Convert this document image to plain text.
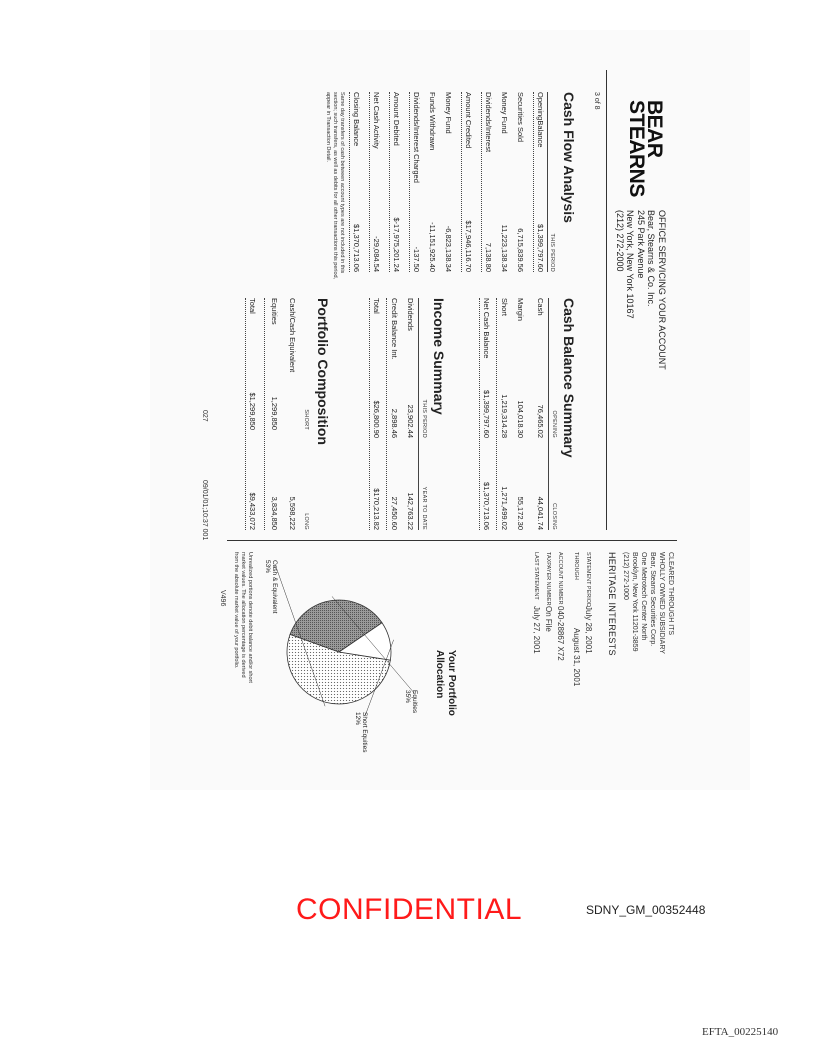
BEAR
STEARNS
OFFICE SERVICING YOUR ACCOUNT
Bear, Stearns & Co. Inc.
245 Park Avenue
New York, New York 10167
(212) 272-2000
3 of 8
Cash Flow Analysis
THIS PERIOD
OpeningBalance
$1,399,797.60
Securities Sold
6,715,839.56
Money Fund
11,223,138.34
Dividends/Interest
7,138.80
Amount Credited
$17,946,116.70
Money Fund
-6,823,138.34
Funds Withdrawn
-11,151,925.40
Dividends/Interest Charged
-137.50
Amount Debited
$-17,975,201.24
Net Cash Activity
-29,084.54
Closing Balance
$1,370,713.06
Same day transfers of cash between account types are not included in this
section; such transfers, as well as debits for all other transactions this period,
appear in Transaction Detail.
Cash Balance Summary
OPENING
CLOSING
Cash
76,465.02
44,041.74
Margin
104,018.30
55,172.30
Short
1,219,314.28
1,271,499.02
Net Cash Balance
$1,399,797.60
$1,370,713.06
Income Summary
THIS PERIOD
YEAR TO DATE
Dividends
23,902.44
142,763.22
Credit Balance Int.
2,898.46
27,450.60
Total
$26,800.90
$170,213.82
Portfolio Composition
SHORT
LONG
Cash/Cash Equivalent
5,598,222
Equities
1,299,850
3,834,850
Total
$1,299,850
$9,433,072
027
09/01/01;10:37 001
CLEARED THROUGH ITS
WHOLLY OWNED SUBSIDIARY
Bear, Stearns Securities Corp.
One Metrotech Center North
Brooklyn, New York 11201-3859
(212) 272-1000
HERITAGE INTERESTS
STATEMENT PERIOD
July 28, 2001
THROUGH
August 31, 2001
ACCOUNT NUMBER
040-28867 X72
TAXPAYER NUMBER
On File
LAST STATEMENT
July 27, 2001
Your Portfolio
Allocation
Cash & Equivalent
53%
Equities
35%
Short Equities
12%
Unrealized portions denote debit balance and/or short
market values. The allocation percentage is derived
from the absolute market value of your portfolio.
V496
CONFIDENTIAL	SDNY_GM_00352448
EFTA_00225140
